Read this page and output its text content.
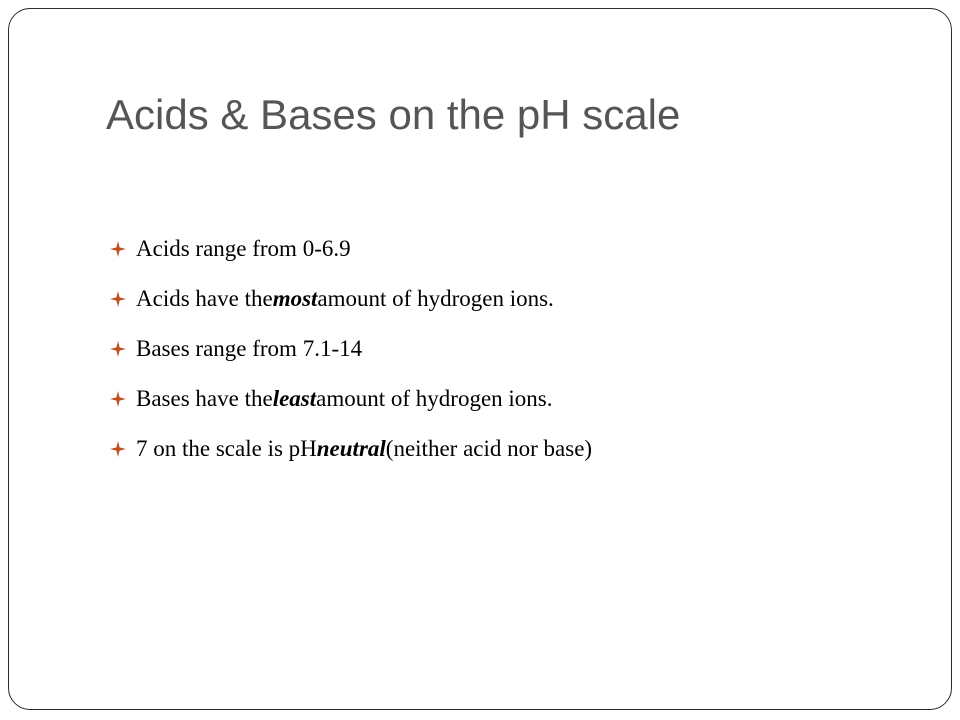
Acids & Bases on the pH scale
Acids range from 0-6.9
Acids have the most amount of hydrogen ions.
Bases range from 7.1-14
Bases have the least amount of hydrogen ions.
7 on the scale is pH neutral (neither acid nor base)
